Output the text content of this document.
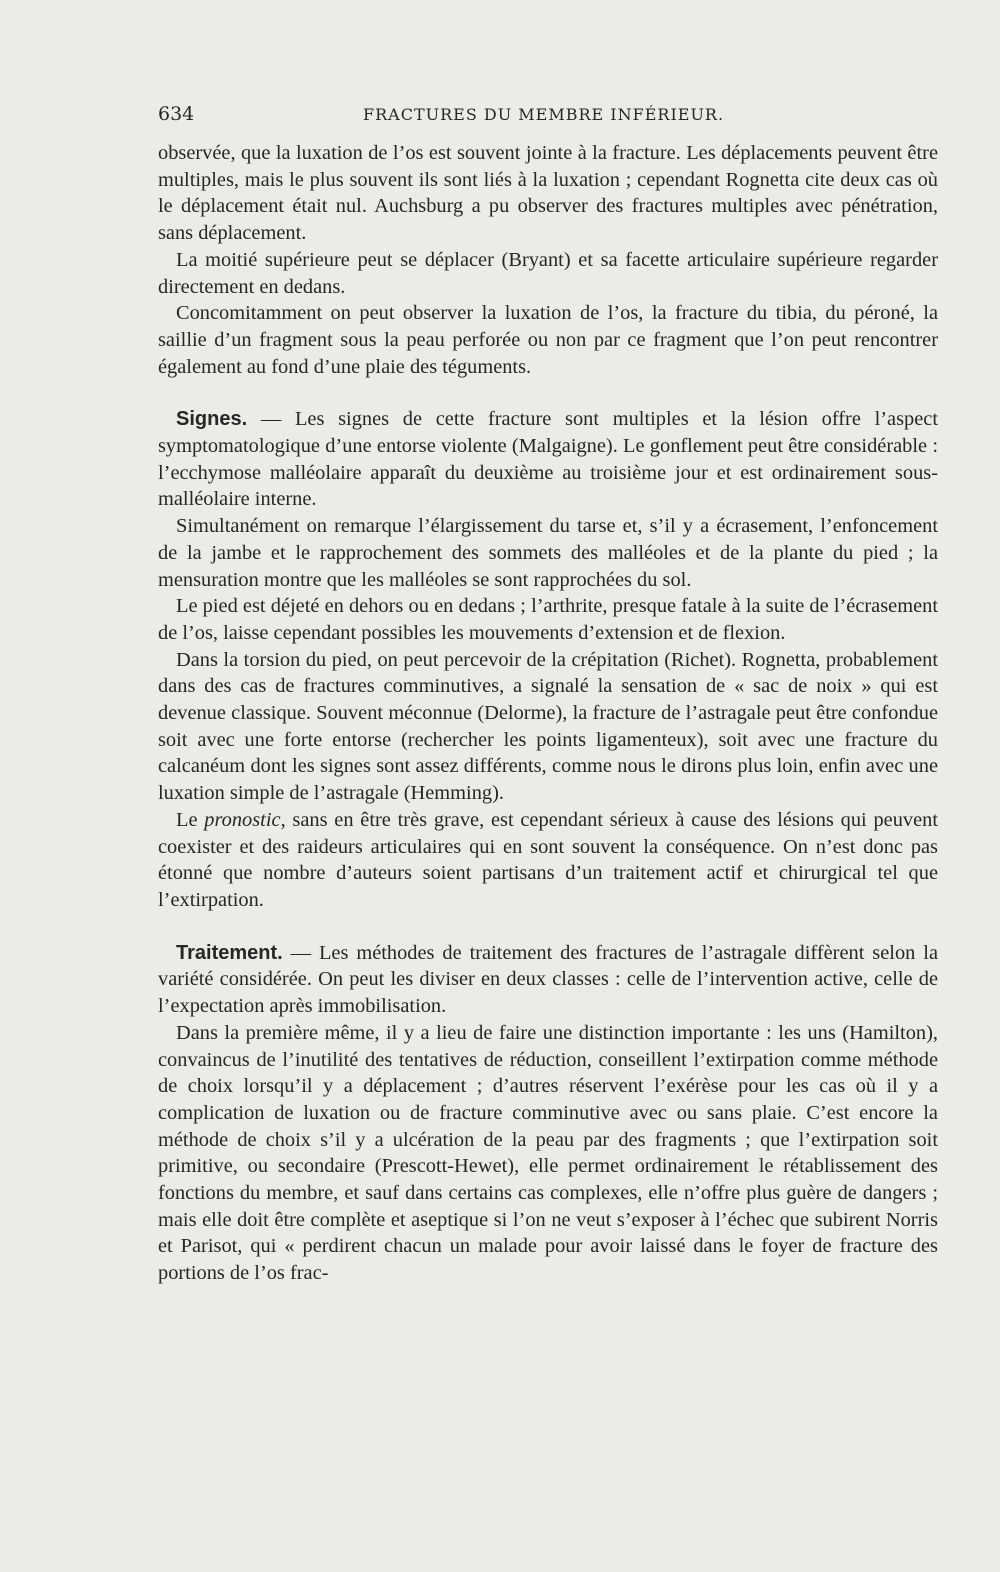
634	FRACTURES DU MEMBRE INFÉRIEUR.

observée, que la luxation de l’os est souvent jointe à la fracture. Les déplacements peuvent être multiples, mais le plus souvent ils sont liés à la luxation ; cependant Rognetta cite deux cas où le déplacement était nul. Auchsburg a pu observer des fractures multiples avec pénétration, sans déplacement.

La moitié supérieure peut se déplacer (Bryant) et sa facette articulaire supérieure regarder directement en dedans.

Concomitamment on peut observer la luxation de l’os, la fracture du tibia, du péroné, la saillie d’un fragment sous la peau perforée ou non par ce fragment que l’on peut rencontrer également au fond d’une plaie des téguments.

Signes. — Les signes de cette fracture sont multiples et la lésion offre l’aspect symptomatologique d’une entorse violente (Malgaigne). Le gonflement peut être considérable : l’ecchymose malléolaire apparaît du deuxième au troisième jour et est ordinairement sous-malléolaire interne.

Simultanément on remarque l’élargissement du tarse et, s’il y a écrasement, l’enfoncement de la jambe et le rapprochement des sommets des malléoles et de la plante du pied ; la mensuration montre que les malléoles se sont rapprochées du sol.

Le pied est déjeté en dehors ou en dedans ; l’arthrite, presque fatale à la suite de l’écrasement de l’os, laisse cependant possibles les mouvements d’extension et de flexion.

Dans la torsion du pied, on peut percevoir de la crépitation (Richet). Rognetta, probablement dans des cas de fractures comminutives, a signalé la sensation de « sac de noix » qui est devenue classique. Souvent méconnue (Delorme), la fracture de l’astragale peut être confondue soit avec une forte entorse (rechercher les points ligamenteux), soit avec une fracture du calcanéum dont les signes sont assez différents, comme nous le dirons plus loin, enfin avec une luxation simple de l’astragale (Hemming).

Le pronostic, sans en être très grave, est cependant sérieux à cause des lésions qui peuvent coexister et des raideurs articulaires qui en sont souvent la conséquence. On n’est donc pas étonné que nombre d’auteurs soient partisans d’un traitement actif et chirurgical tel que l’extirpation.

Traitement. — Les méthodes de traitement des fractures de l’astragale diffèrent selon la variété considérée. On peut les diviser en deux classes : celle de l’intervention active, celle de l’expectation après immobilisation.

Dans la première même, il y a lieu de faire une distinction importante : les uns (Hamilton), convaincus de l’inutilité des tentatives de réduction, conseillent l’extirpation comme méthode de choix lorsqu’il y a déplacement ; d’autres réservent l’exérèse pour les cas où il y a complication de luxation ou de fracture comminutive avec ou sans plaie. C’est encore la méthode de choix s’il y a ulcération de la peau par des fragments ; que l’extirpation soit primitive, ou secondaire (Prescott-Hewet), elle permet ordinairement le rétablissement des fonctions du membre, et sauf dans certains cas complexes, elle n’offre plus guère de dangers ; mais elle doit être complète et aseptique si l’on ne veut s’exposer à l’échec que subirent Norris et Parisot, qui « perdirent chacun un malade pour avoir laissé dans le foyer de fracture des portions de l’os frac-
